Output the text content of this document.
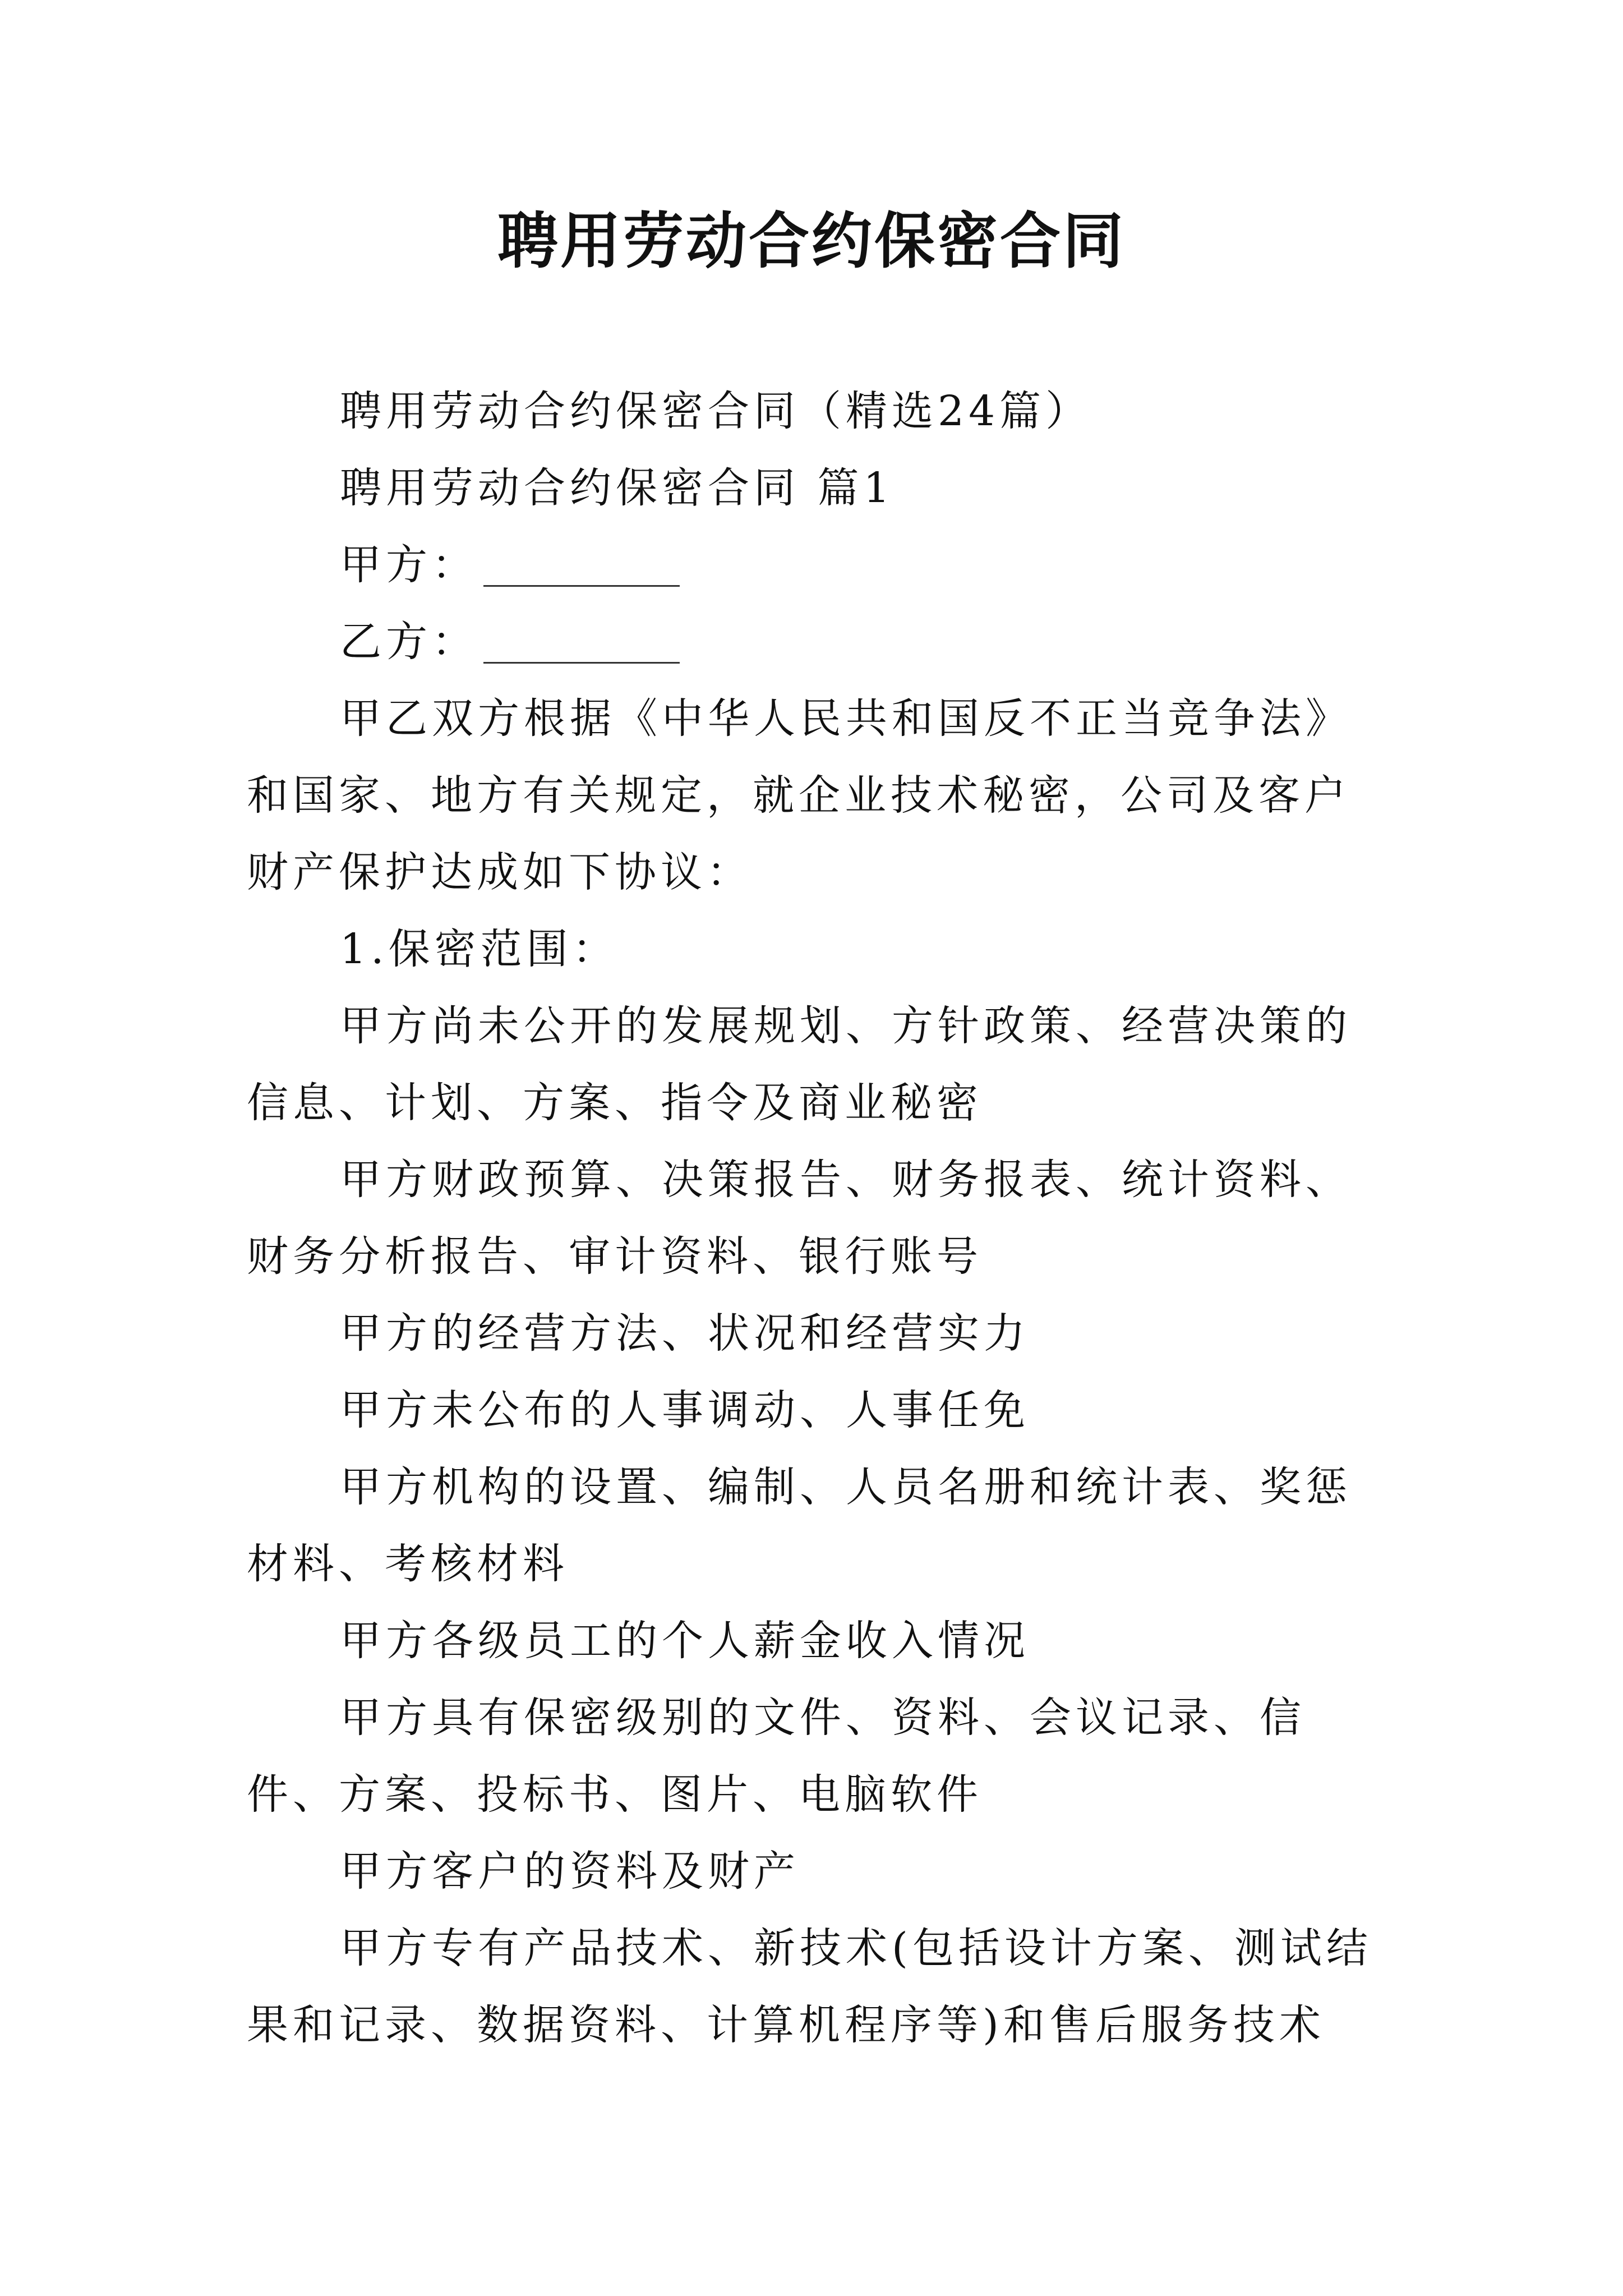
聘用劳动合约保密合同

聘用劳动合约保密合同（精选24篇）

聘用劳动合约保密合同 篇1

甲方：

乙方：

甲乙双方根据《中华人民共和国反不正当竞争法》和国家、地方有关规定，就企业技术秘密，公司及客户财产保护达成如下协议：

1.保密范围：

甲方尚未公开的发展规划、方针政策、经营决策的信息、计划、方案、指令及商业秘密

甲方财政预算、决策报告、财务报表、统计资料、财务分析报告、审计资料、银行账号

甲方的经营方法、状况和经营实力

甲方未公布的人事调动、人事任免

甲方机构的设置、编制、人员名册和统计表、奖惩材料、考核材料

甲方各级员工的个人薪金收入情况

甲方具有保密级别的文件、资料、会议记录、信件、方案、投标书、图片、电脑软件

甲方客户的资料及财产

甲方专有产品技术、新技术(包括设计方案、测试结果和记录、数据资料、计算机程序等)和售后服务技术
